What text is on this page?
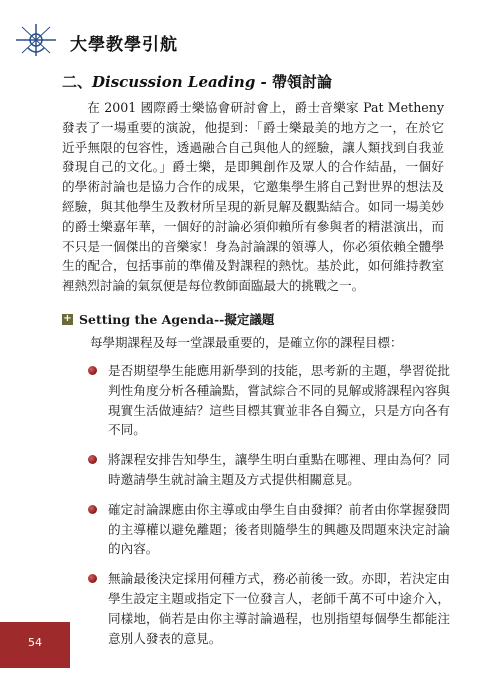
大學教學引航
二、Discussion Leading - 帶領討論

在 2001 國際爵士樂協會研討會上，爵士音樂家 Pat Metheny 發表了一場重要的演說，他提到：「爵士樂最美的地方之一，在於它近乎無限的包容性，透過融合自己與他人的經驗，讓人類找到自我並發現自己的文化。」爵士樂，是即興創作及眾人的合作結晶，一個好的學術討論也是協力合作的成果，它邀集學生將自己對世界的想法及經驗，與其他學生及教材所呈現的新見解及觀點結合。如同一場美妙的爵士樂嘉年華，一個好的討論必須仰賴所有參與者的精湛演出，而不只是一個傑出的音樂家！身為討論課的領導人，你必須依賴全體學生的配合，包括事前的準備及對課程的熱忱。基於此，如何維持教室裡熱烈討論的氣氛便是每位教師面臨最大的挑戰之一。

+ Setting the Agenda -- 擬定議題
每學期課程及每一堂課最重要的，是確立你的課程目標：
是否期望學生能應用新學到的技能，思考新的主題，學習從批判性角度分析各種論點，嘗試綜合不同的見解或將課程內容與現實生活做連結？這些目標其實並非各自獨立，只是方向各有不同。
將課程安排告知學生，讓學生明白重點在哪裡、理由為何？同時邀請學生就討論主題及方式提供相關意見。
確定討論課應由你主導或由學生自由發揮？前者由你掌握發問的主導權以避免離題；後者則隨學生的興趣及問題來決定討論的內容。
無論最後決定採用何種方式，務必前後一致。亦即，若決定由學生設定主題或指定下一位發言人，老師千萬不可中途介入，同樣地，倘若是由你主導討論過程，也別指望每個學生都能注意別人發表的意見。
54
